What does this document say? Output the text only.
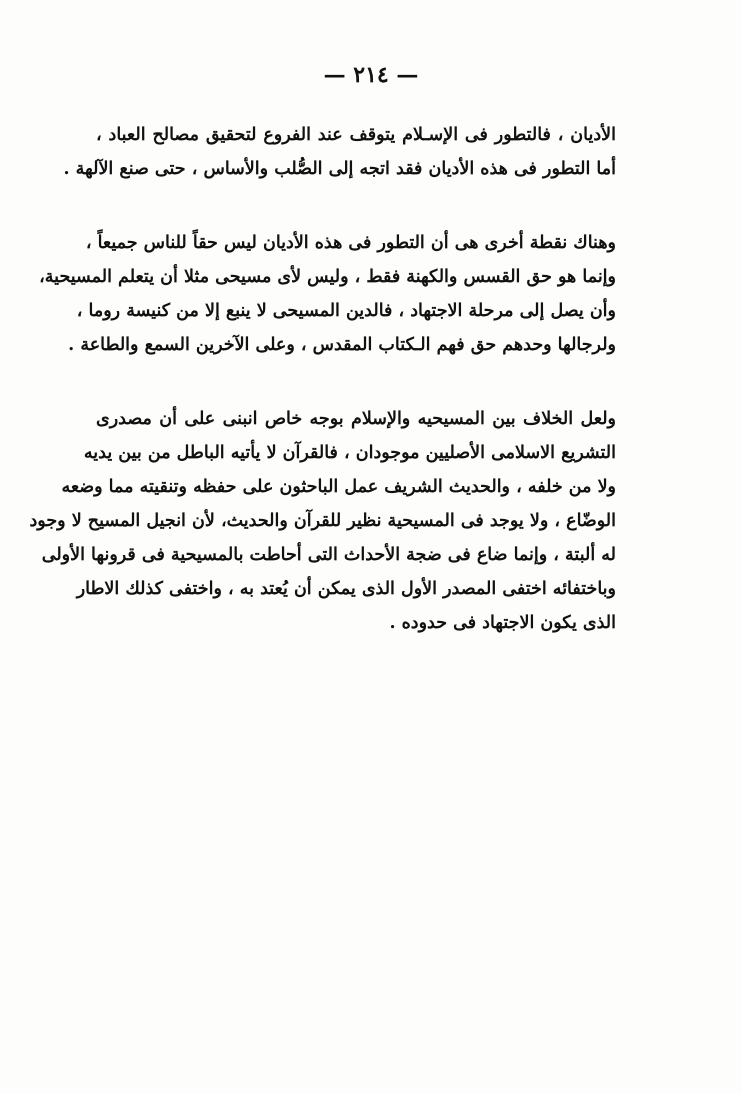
— ٢١٤ —
الأديان ، فالتطور فى الإسـلام يتوقف عند الفروع لتحقيق مصالح العباد ،
أما التطور فى هذه الأديان فقد اتجه إلى الصُّلب والأساس ، حتى صنع الآلهة .
وهناك نقطة أخرى هى أن التطور فى هذه الأديان ليس حقاً للناس جميعاً ،
وإنما هو حق القسس والكهنة فقط ، وليس لأى مسيحى مثلا أن يتعلم المسيحية،
وأن يصل إلى مرحلة الاجتهاد ، فالدين المسيحى لا ينبع إلا من كنيسة روما ،
ولرجالها وحدهم حق فهم الـكتاب المقدس ، وعلى الآخرين السمع والطاعة .
ولعل الخلاف بين المسيحيه والإسلام بوجه خاص انبنى على أن مصدرى
التشريع الاسلامى الأصليين موجودان ، فالقرآن لا يأتيه الباطل من بين يديه
ولا من خلفه ، والحديث الشريف عمل الباحثون على حفظه وتنقيته مما وضعه
الوضّاع ، ولا يوجد فى المسيحية نظير للقرآن والحديث، لأن انجيل المسيح لا وجود
له ألبتة ، وإنما ضاع فى ضجة الأحداث التى أحاطت بالمسيحية فى قرونها الأولى
وباختفائه اختفى المصدر الأول الذى يمكن أن يُعتد به ، واختفى كذلك الاطار
الذى يكون الاجتهاد فى حدوده .
